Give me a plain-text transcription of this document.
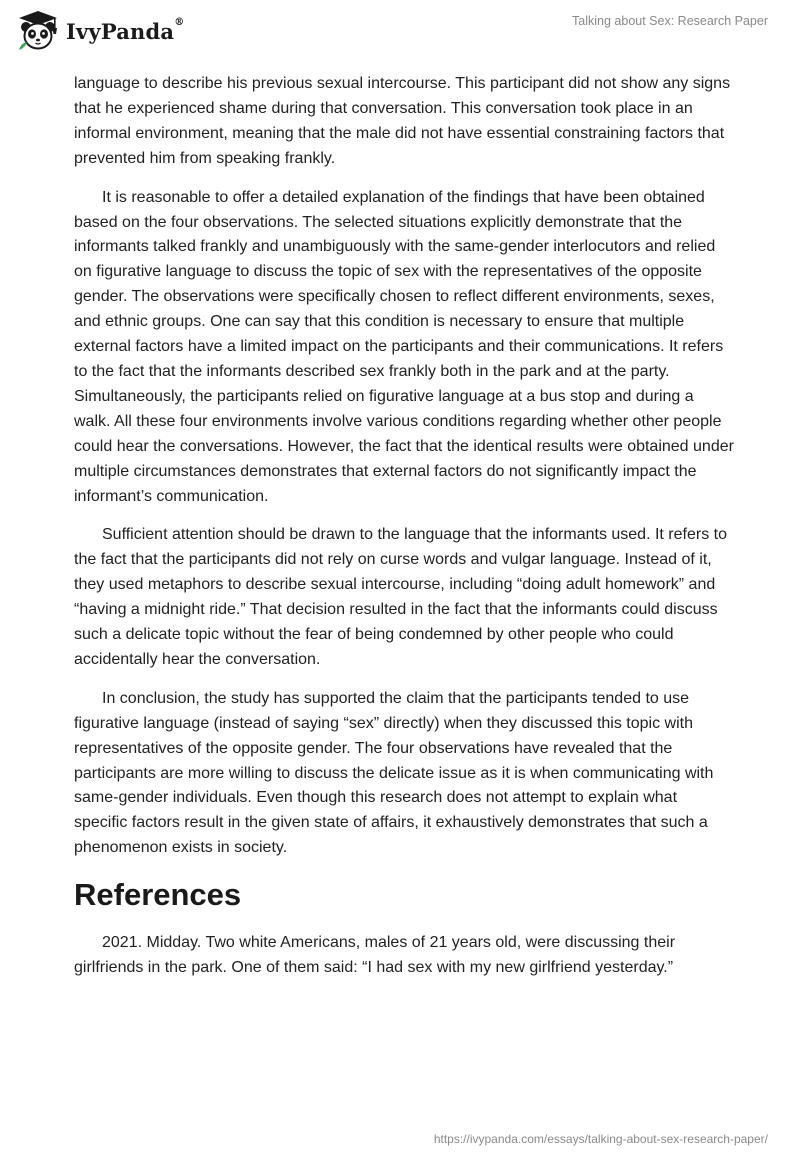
IvyPanda®	Talking about Sex: Research Paper

language to describe his previous sexual intercourse. This participant did not show any signs that he experienced shame during that conversation. This conversation took place in an informal environment, meaning that the male did not have essential constraining factors that prevented him from speaking frankly.

It is reasonable to offer a detailed explanation of the findings that have been obtained based on the four observations. The selected situations explicitly demonstrate that the informants talked frankly and unambiguously with the same-gender interlocutors and relied on figurative language to discuss the topic of sex with the representatives of the opposite gender. The observations were specifically chosen to reflect different environments, sexes, and ethnic groups. One can say that this condition is necessary to ensure that multiple external factors have a limited impact on the participants and their communications. It refers to the fact that the informants described sex frankly both in the park and at the party. Simultaneously, the participants relied on figurative language at a bus stop and during a walk. All these four environments involve various conditions regarding whether other people could hear the conversations. However, the fact that the identical results were obtained under multiple circumstances demonstrates that external factors do not significantly impact the informant’s communication.

Sufficient attention should be drawn to the language that the informants used. It refers to the fact that the participants did not rely on curse words and vulgar language. Instead of it, they used metaphors to describe sexual intercourse, including “doing adult homework” and “having a midnight ride.” That decision resulted in the fact that the informants could discuss such a delicate topic without the fear of being condemned by other people who could accidentally hear the conversation.

In conclusion, the study has supported the claim that the participants tended to use figurative language (instead of saying “sex” directly) when they discussed this topic with representatives of the opposite gender. The four observations have revealed that the participants are more willing to discuss the delicate issue as it is when communicating with same-gender individuals. Even though this research does not attempt to explain what specific factors result in the given state of affairs, it exhaustively demonstrates that such a phenomenon exists in society.

References

2021. Midday. Two white Americans, males of 21 years old, were discussing their girlfriends in the park. One of them said: “I had sex with my new girlfriend yesterday.”

https://ivypanda.com/essays/talking-about-sex-research-paper/
